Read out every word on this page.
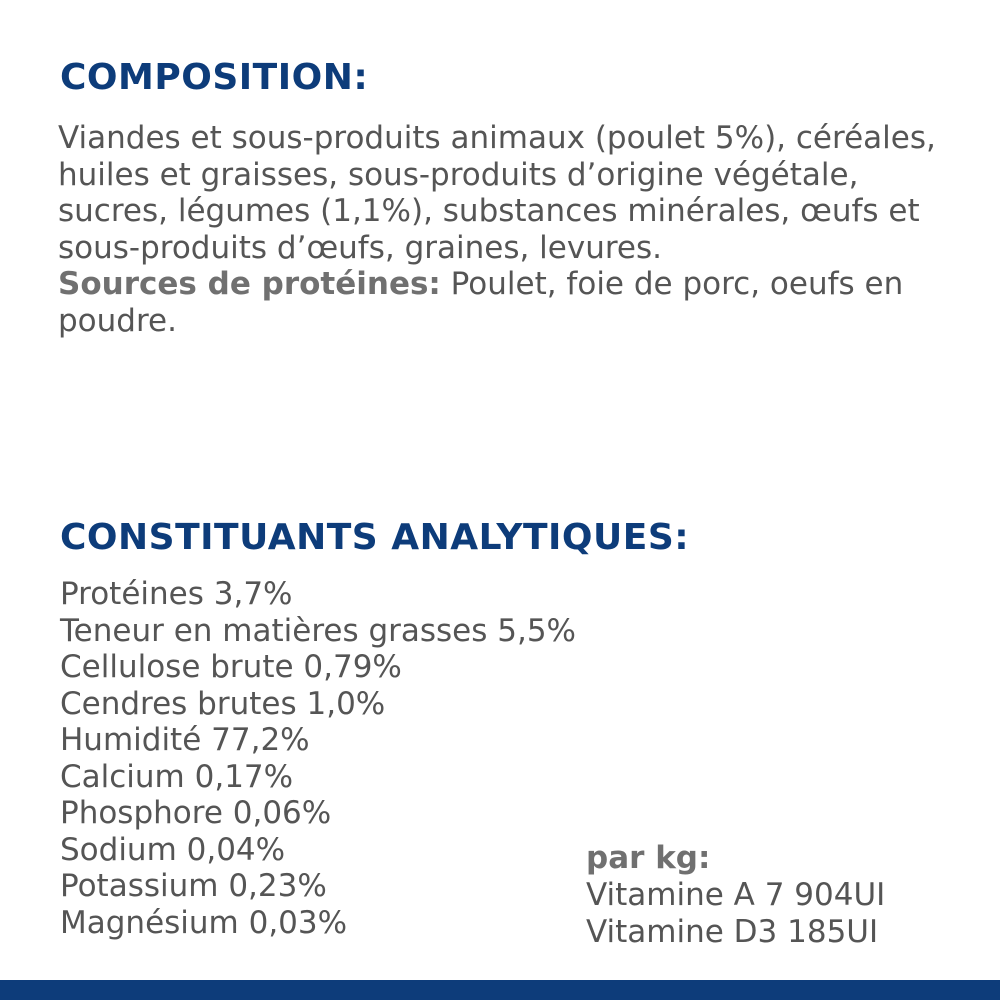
COMPOSITION:

Viandes et sous-produits animaux (poulet 5%), céréales, huiles et graisses, sous-produits d’origine végétale, sucres, légumes (1,1%), substances minérales, œufs et sous-produits d’œufs, graines, levures.
Sources de protéines: Poulet, foie de porc, oeufs en poudre.

CONSTITUANTS ANALYTIQUES:
Protéines 3,7%
Teneur en matières grasses 5,5%
Cellulose brute 0,79%
Cendres brutes 1,0%
Humidité 77,2%
Calcium 0,17%
Phosphore 0,06%
Sodium 0,04%
Potassium 0,23%
Magnésium 0,03%
par kg:
Vitamine A 7 904UI
Vitamine D3 185UI
